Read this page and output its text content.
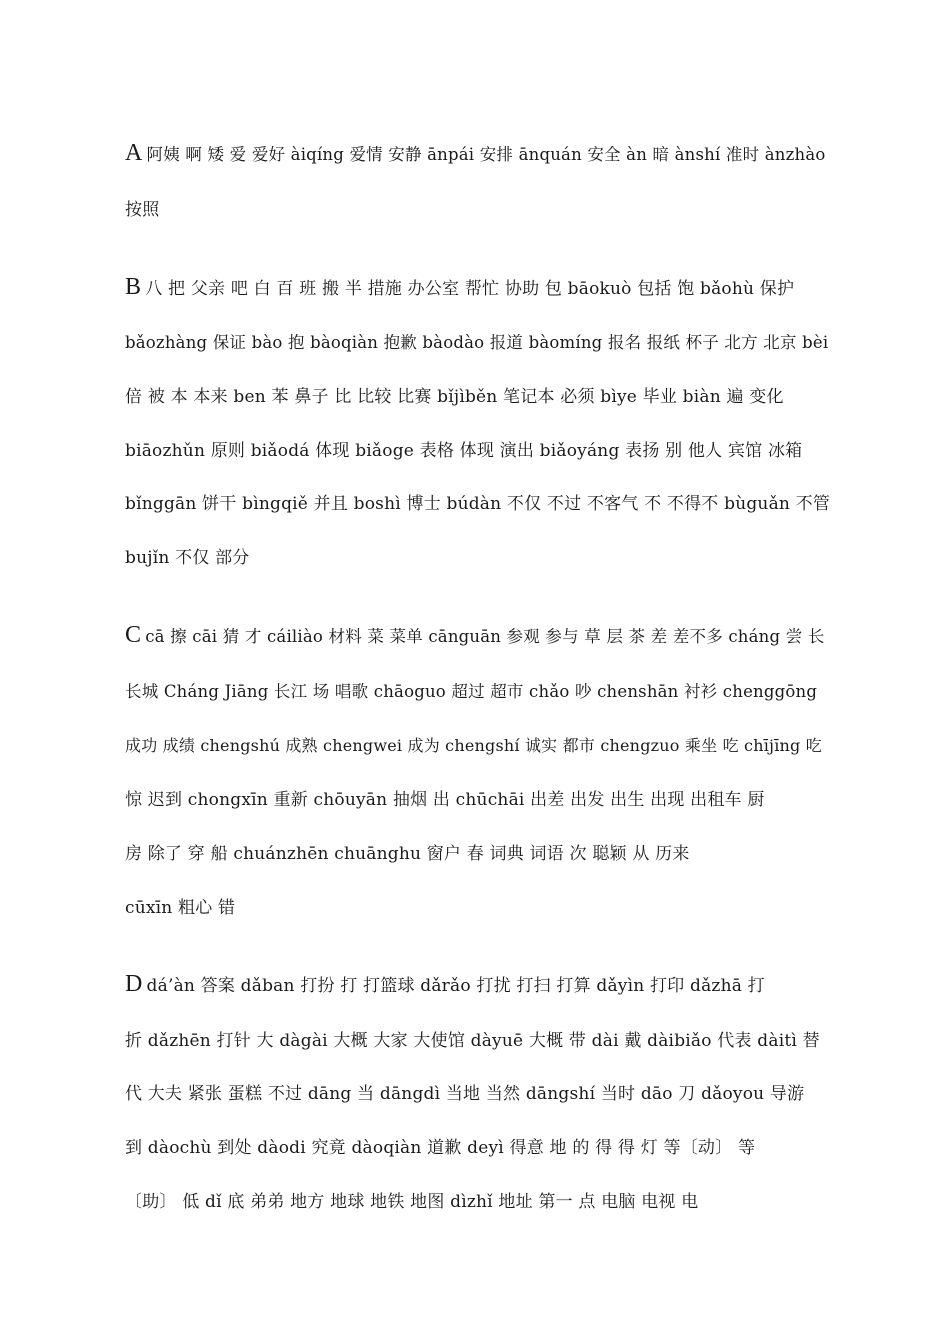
A 阿姨 啊 矮 爱 爱好 àiqíng 爱情 安静 ānpái 安排 ānquán 安全 àn 暗 ànshí 准时 ànzhào
按照
B 八 把 父亲 吧 白 百 班 搬 半 措施 办公室 帮忙 协助 包 bāokuò 包括 饱 bǎohù 保护
bǎozhàng 保证 bào 抱 bàoqiàn 抱歉 bàodào 报道 bàomíng 报名 报纸 杯子 北方 北京 bèi
倍 被 本 本来 ben 苯 鼻子 比 比较 比赛 bǐjìběn 笔记本 必须 bìye 毕业 biàn 遍 变化
biāozhǔn 原则 biǎodá 体现 biǎoge 表格 体现 演出 biǎoyáng 表扬 别 他人 宾馆 冰箱
bǐnggān 饼干 bìngqiě 并且 boshì 博士 búdàn 不仅 不过 不客气 不 不得不 bùguǎn 不管
bujǐn 不仅 部分
C cā 擦 cāi 猜 才 cáiliào 材料 菜 菜单 cānguān 参观 参与 草 层 茶 差 差不多 cháng 尝 长
长城 Cháng Jiāng 长江 场 唱歌 chāoguo 超过 超市 chǎo 吵 chenshān 衬衫 chenggōng
成功 成绩 chengshú 成熟 chengwei 成为 chengshí 诚实 都市 chengzuo 乘坐 吃 chījīng 吃
惊 迟到 chongxīn 重新 chōuyān 抽烟 出 chūchāi 出差 出发 出生 出现 出租车 厨
房 除了 穿 船 chuánzhēn chuānghu 窗户 春 词典 词语 次 聪颖 从 历来
cūxīn 粗心 错
D dá’àn 答案 dǎban 打扮 打 打篮球 dǎrǎo 打扰 打扫 打算 dǎyìn 打印 dǎzhā 打
折 dǎzhēn 打针 大 dàgài 大概 大家 大使馆 dàyuē 大概 带 dài 戴 dàibiǎo 代表 dàitì 替
代 大夫 紧张 蛋糕 不过 dāng 当 dāngdì 当地 当然 dāngshí 当时 dāo 刀 dǎoyou 导游
到 dàochù 到处 dàodi 究竟 dàoqiàn 道歉 deyì 得意 地 的 得 得 灯 等〔动〕 等
〔助〕 低 dǐ 底 弟弟 地方 地球 地铁 地图 dìzhǐ 地址 第一 点 电脑 电视 电
